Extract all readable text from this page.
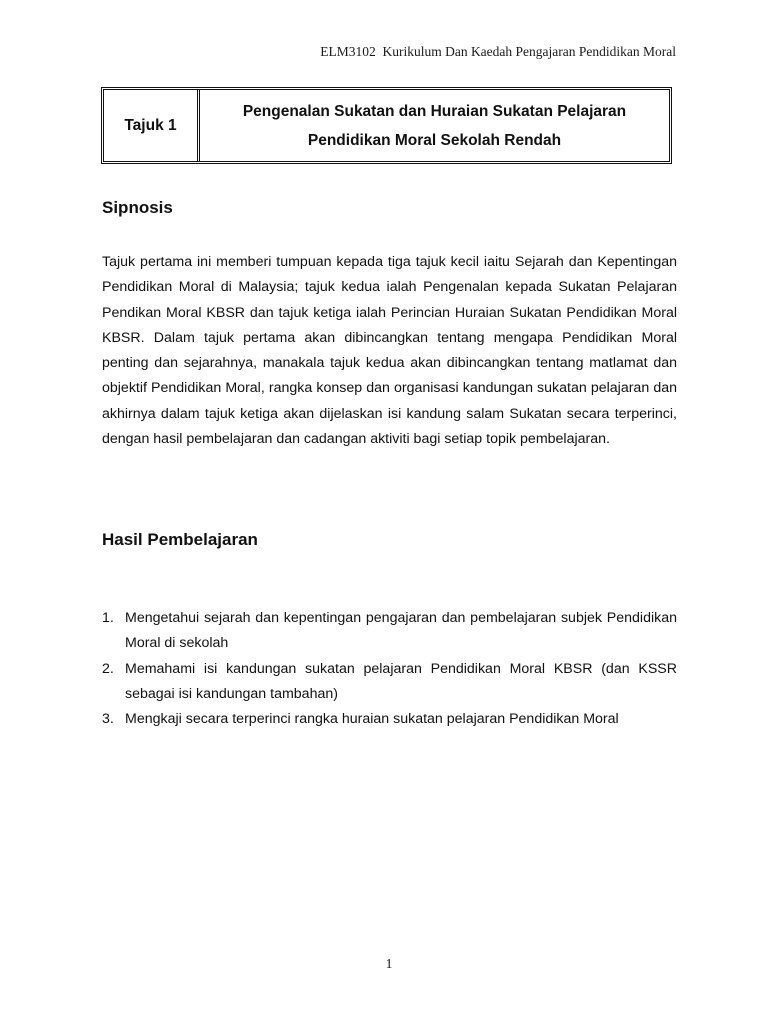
ELM3102  Kurikulum Dan Kaedah Pengajaran Pendidikan Moral
Tajuk 1
Pengenalan Sukatan dan Huraian Sukatan Pelajaran
Pendidikan Moral Sekolah Rendah
Sipnosis

Tajuk pertama ini memberi tumpuan kepada tiga tajuk kecil iaitu Sejarah dan Kepentingan Pendidikan Moral di Malaysia; tajuk kedua ialah Pengenalan kepada Sukatan Pelajaran Pendikan Moral KBSR dan tajuk ketiga ialah Perincian Huraian Sukatan Pendidikan Moral KBSR. Dalam tajuk pertama akan dibincangkan tentang mengapa Pendidikan Moral penting dan sejarahnya, manakala tajuk kedua akan dibincangkan tentang matlamat dan objektif Pendidikan Moral, rangka konsep dan organisasi kandungan sukatan pelajaran dan akhirnya dalam tajuk ketiga akan dijelaskan isi kandung salam Sukatan secara terperinci, dengan hasil pembelajaran dan cadangan aktiviti bagi setiap topik pembelajaran.

Hasil Pembelajaran
1. Mengetahui sejarah dan kepentingan pengajaran dan pembelajaran subjek Pendidikan Moral di sekolah
2. Memahami isi kandungan sukatan pelajaran Pendidikan Moral KBSR (dan KSSR sebagai isi kandungan tambahan)
3. Mengkaji secara terperinci rangka huraian sukatan pelajaran Pendidikan Moral
1
